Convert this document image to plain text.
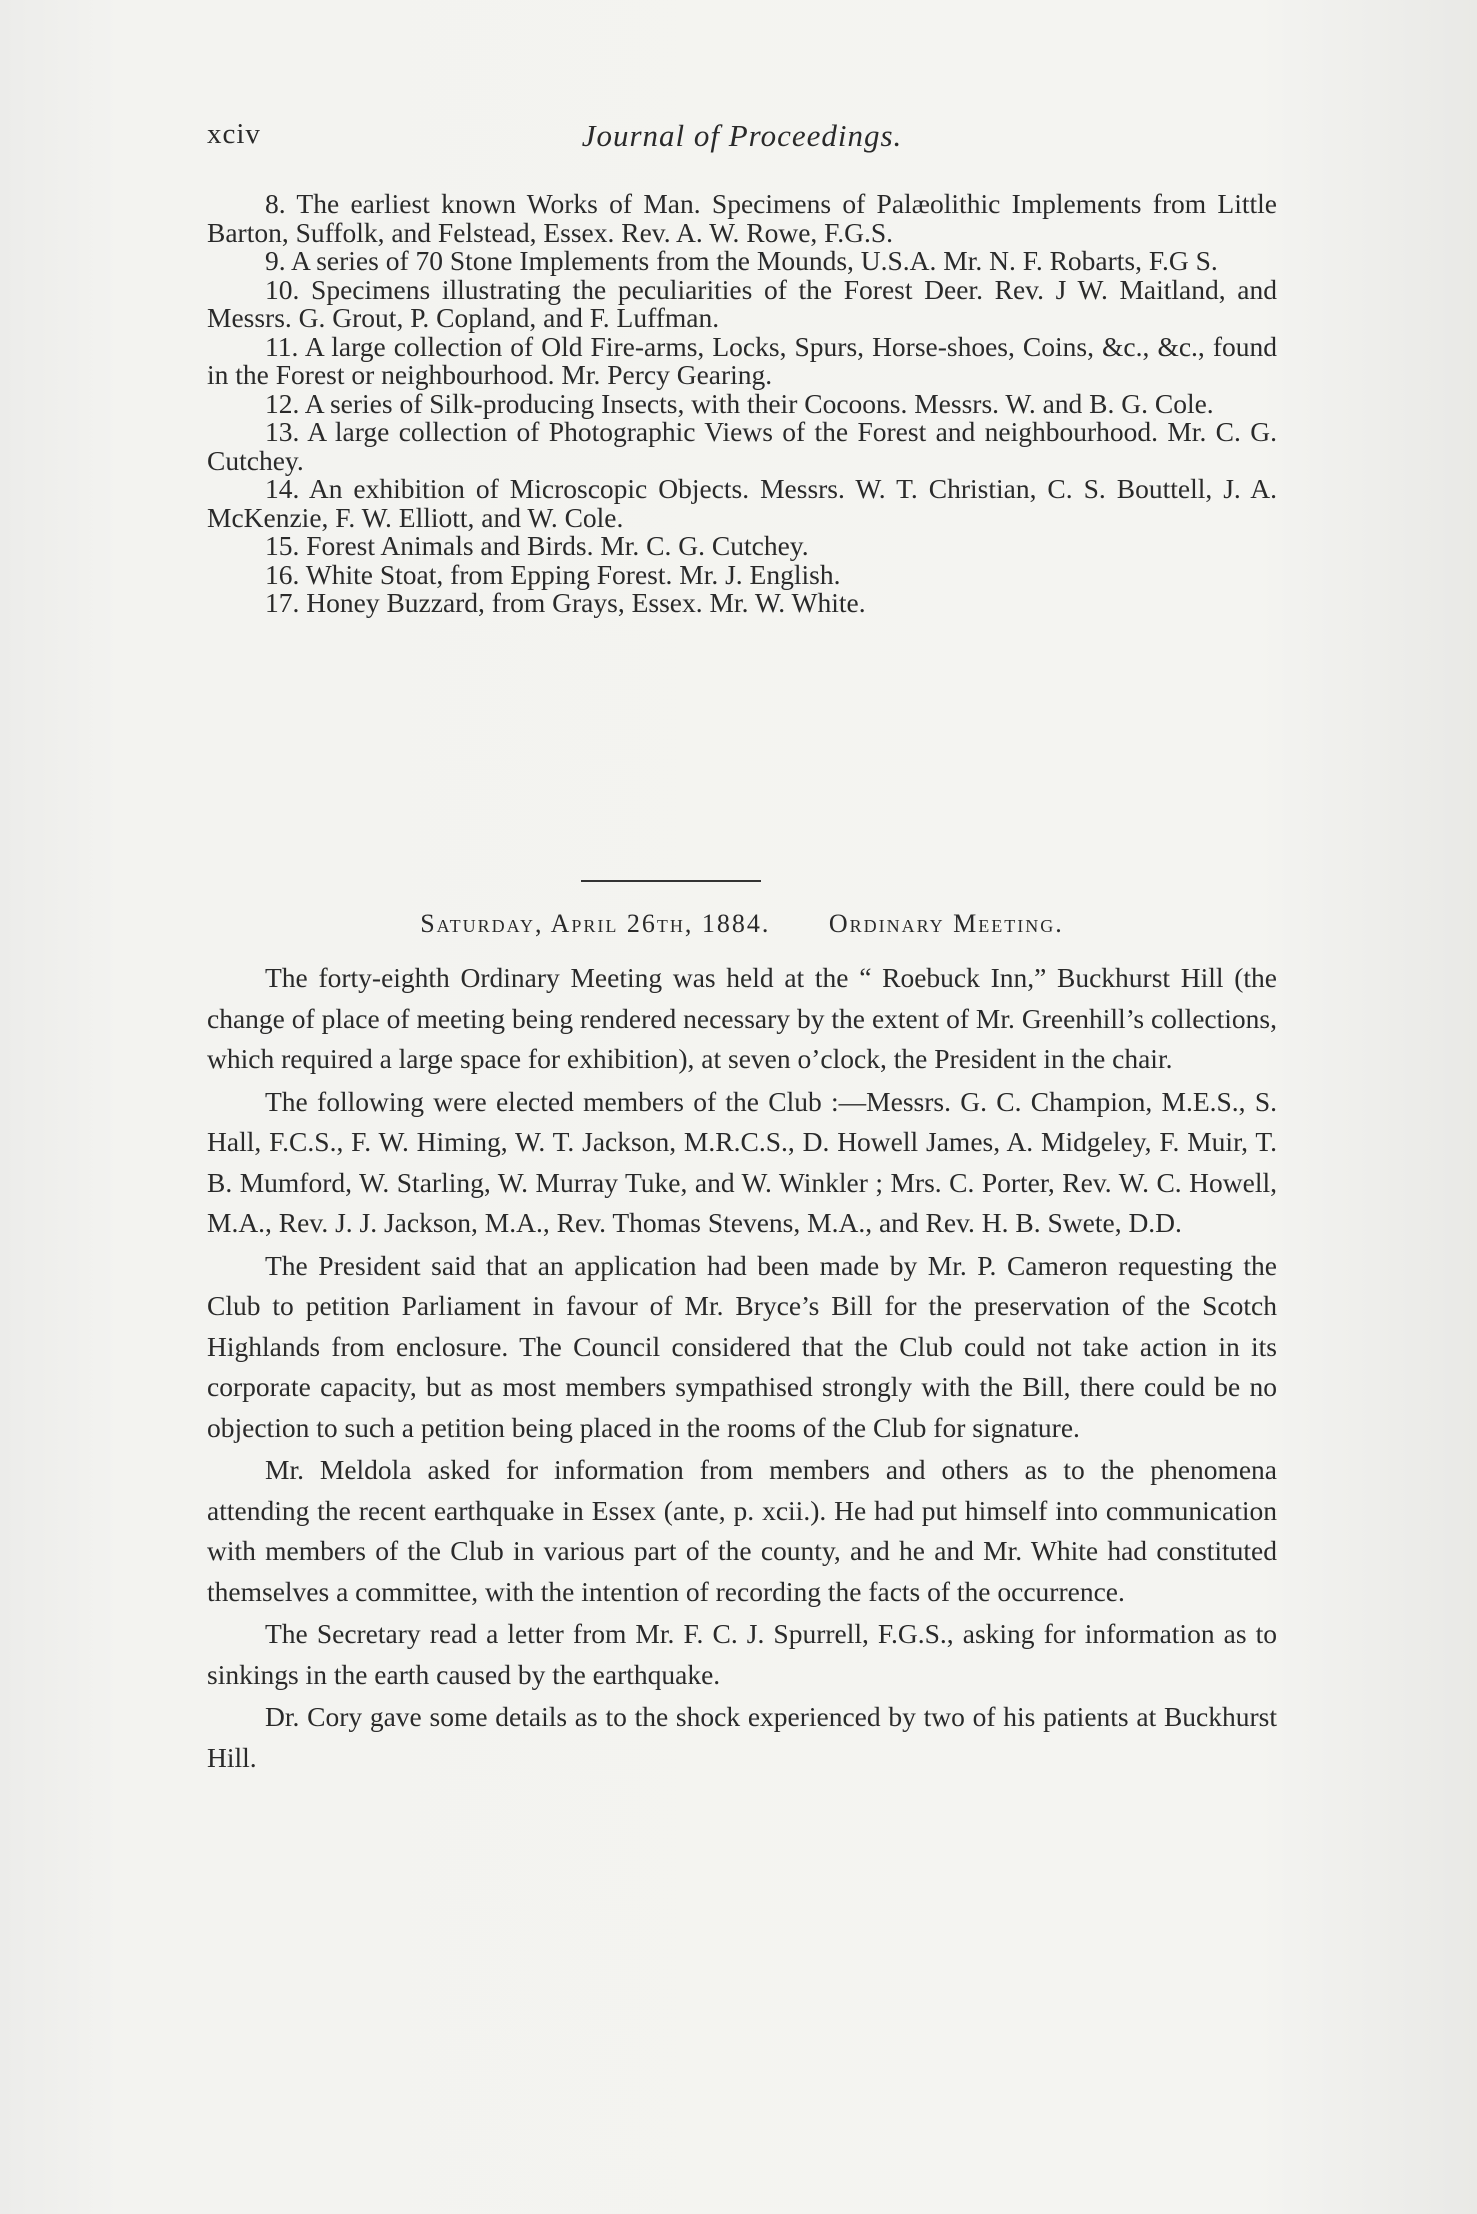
xciv	Journal of Proceedings.

8. The earliest known Works of Man. Specimens of Palæolithic Implements from Little Barton, Suffolk, and Felstead, Essex. Rev. A. W. Rowe, F.G.S.

9. A series of 70 Stone Implements from the Mounds, U.S.A. Mr. N. F. Robarts, F.G S.

10. Specimens illustrating the peculiarities of the Forest Deer. Rev. J W. Maitland, and Messrs. G. Grout, P. Copland, and F. Luffman.

11. A large collection of Old Fire-arms, Locks, Spurs, Horse-shoes, Coins, &c., &c., found in the Forest or neighbourhood. Mr. Percy Gearing.

12. A series of Silk-producing Insects, with their Cocoons. Messrs. W. and B. G. Cole.

13. A large collection of Photographic Views of the Forest and neighbourhood. Mr. C. G. Cutchey.

14. An exhibition of Microscopic Objects. Messrs. W. T. Christian, C. S. Bouttell, J. A. McKenzie, F. W. Elliott, and W. Cole.

15. Forest Animals and Birds. Mr. C. G. Cutchey.

16. White Stoat, from Epping Forest. Mr. J. English.

17. Honey Buzzard, from Grays, Essex. Mr. W. White.

Saturday, April 26th, 1884. Ordinary Meeting.

The forty-eighth Ordinary Meeting was held at the “ Roebuck Inn,” Buckhurst Hill (the change of place of meeting being rendered necessary by the extent of Mr. Greenhill’s collections, which required a large space for exhibition), at seven o’clock, the President in the chair.

The following were elected members of the Club :—Messrs. G. C. Champion, M.E.S., S. Hall, F.C.S., F. W. Himing, W. T. Jackson, M.R.C.S., D. Howell James, A. Midgeley, F. Muir, T. B. Mumford, W. Starling, W. Murray Tuke, and W. Winkler ; Mrs. C. Porter, Rev. W. C. Howell, M.A., Rev. J. J. Jackson, M.A., Rev. Thomas Stevens, M.A., and Rev. H. B. Swete, D.D.

The President said that an application had been made by Mr. P. Cameron requesting the Club to petition Parliament in favour of Mr. Bryce’s Bill for the preservation of the Scotch Highlands from enclosure. The Council considered that the Club could not take action in its corporate capacity, but as most members sympathised strongly with the Bill, there could be no objection to such a petition being placed in the rooms of the Club for signature.

Mr. Meldola asked for information from members and others as to the phenomena attending the recent earthquake in Essex (ante, p. xcii.). He had put himself into communication with members of the Club in various part of the county, and he and Mr. White had constituted themselves a committee, with the intention of recording the facts of the occurrence.

The Secretary read a letter from Mr. F. C. J. Spurrell, F.G.S., asking for information as to sinkings in the earth caused by the earthquake.

Dr. Cory gave some details as to the shock experienced by two of his patients at Buckhurst Hill.
